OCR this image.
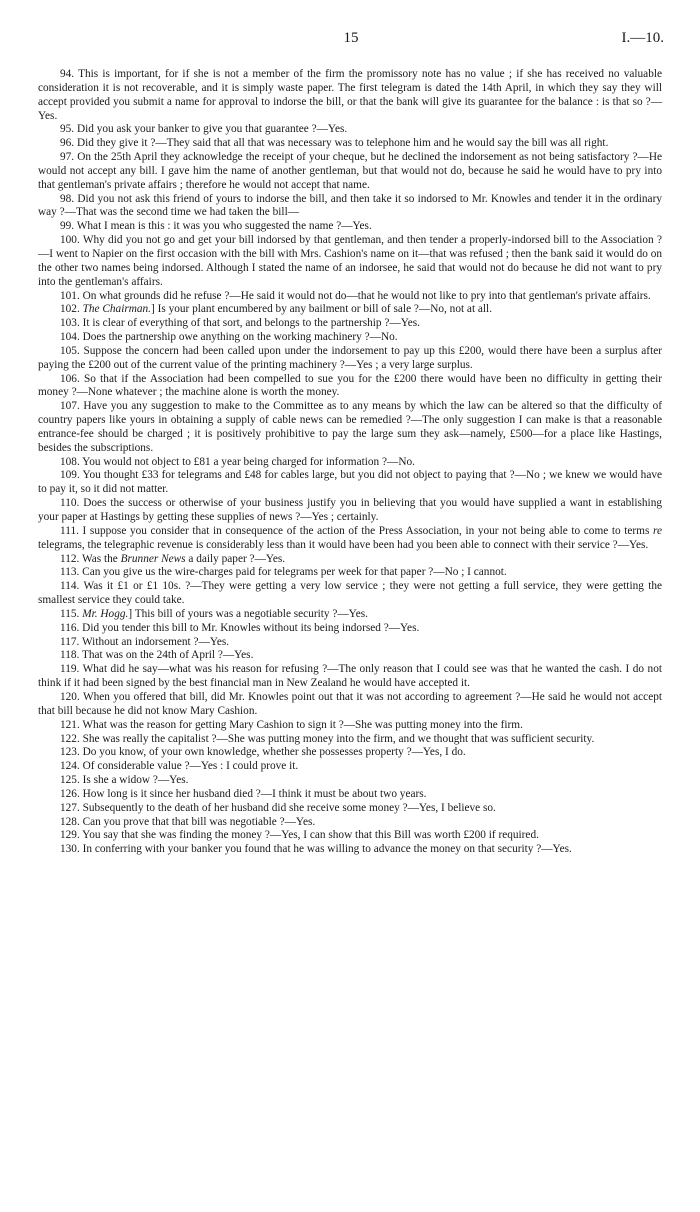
15	I.—10.

94. This is important, for if she is not a member of the firm the promissory note has no value ; if she has received no valuable consideration it is not recoverable, and it is simply waste paper. The first telegram is dated the 14th April, in which they say they will accept provided you submit a name for approval to indorse the bill, or that the bank will give its guarantee for the balance : is that so ?—Yes.

95. Did you ask your banker to give you that guarantee ?—Yes.

96. Did they give it ?—They said that all that was necessary was to telephone him and he would say the bill was all right.

97. On the 25th April they acknowledge the receipt of your cheque, but he declined the indorsement as not being satisfactory ?—He would not accept any bill. I gave him the name of another gentleman, but that would not do, because he said he would have to pry into that gentleman's private affairs ; therefore he would not accept that name.

98. Did you not ask this friend of yours to indorse the bill, and then take it so indorsed to Mr. Knowles and tender it in the ordinary way ?—That was the second time we had taken the bill—

99. What I mean is this : it was you who suggested the name ?—Yes.

100. Why did you not go and get your bill indorsed by that gentleman, and then tender a properly-indorsed bill to the Association ?—I went to Napier on the first occasion with the bill with Mrs. Cashion's name on it—that was refused ; then the bank said it would do on the other two names being indorsed. Although I stated the name of an indorsee, he said that would not do because he did not want to pry into the gentleman's affairs.

101. On what grounds did he refuse ?—He said it would not do—that he would not like to pry into that gentleman's private affairs.

102. The Chairman.] Is your plant encumbered by any bailment or bill of sale ?—No, not at all.

103. It is clear of everything of that sort, and belongs to the partnership ?—Yes.

104. Does the partnership owe anything on the working machinery ?—No.

105. Suppose the concern had been called upon under the indorsement to pay up this £200, would there have been a surplus after paying the £200 out of the current value of the printing machinery ?—Yes ; a very large surplus.

106. So that if the Association had been compelled to sue you for the £200 there would have been no difficulty in getting their money ?—None whatever ; the machine alone is worth the money.

107. Have you any suggestion to make to the Committee as to any means by which the law can be altered so that the difficulty of country papers like yours in obtaining a supply of cable news can be remedied ?—The only suggestion I can make is that a reasonable entrance-fee should be charged ; it is positively prohibitive to pay the large sum they ask—namely, £500—for a place like Hastings, besides the subscriptions.

108. You would not object to £81 a year being charged for information ?—No.

109. You thought £33 for telegrams and £48 for cables large, but you did not object to paying that ?—No ; we knew we would have to pay it, so it did not matter.

110. Does the success or otherwise of your business justify you in believing that you would have supplied a want in establishing your paper at Hastings by getting these supplies of news ?—Yes ; certainly.

111. I suppose you consider that in consequence of the action of the Press Association, in your not being able to come to terms re telegrams, the telegraphic revenue is considerably less than it would have been had you been able to connect with their service ?—Yes.

112. Was the Brunner News a daily paper ?—Yes.

113. Can you give us the wire-charges paid for telegrams per week for that paper ?—No ; I cannot.

114. Was it £1 or £1 10s. ?—They were getting a very low service ; they were not getting a full service, they were getting the smallest service they could take.

115. Mr. Hogg.] This bill of yours was a negotiable security ?—Yes.

116. Did you tender this bill to Mr. Knowles without its being indorsed ?—Yes.

117. Without an indorsement ?—Yes.

118. That was on the 24th of April ?—Yes.

119. What did he say—what was his reason for refusing ?—The only reason that I could see was that he wanted the cash. I do not think if it had been signed by the best financial man in New Zealand he would have accepted it.

120. When you offered that bill, did Mr. Knowles point out that it was not according to agreement ?—He said he would not accept that bill because he did not know Mary Cashion.

121. What was the reason for getting Mary Cashion to sign it ?—She was putting money into the firm.

122. She was really the capitalist ?—She was putting money into the firm, and we thought that was sufficient security.

123. Do you know, of your own knowledge, whether she possesses property ?—Yes, I do.

124. Of considerable value ?—Yes : I could prove it.

125. Is she a widow ?—Yes.

126. How long is it since her husband died ?—I think it must be about two years.

127. Subsequently to the death of her husband did she receive some money ?—Yes, I believe so.

128. Can you prove that that bill was negotiable ?—Yes.

129. You say that she was finding the money ?—Yes, I can show that this Bill was worth £200 if required.

130. In conferring with your banker you found that he was willing to advance the money on that security ?—Yes.
